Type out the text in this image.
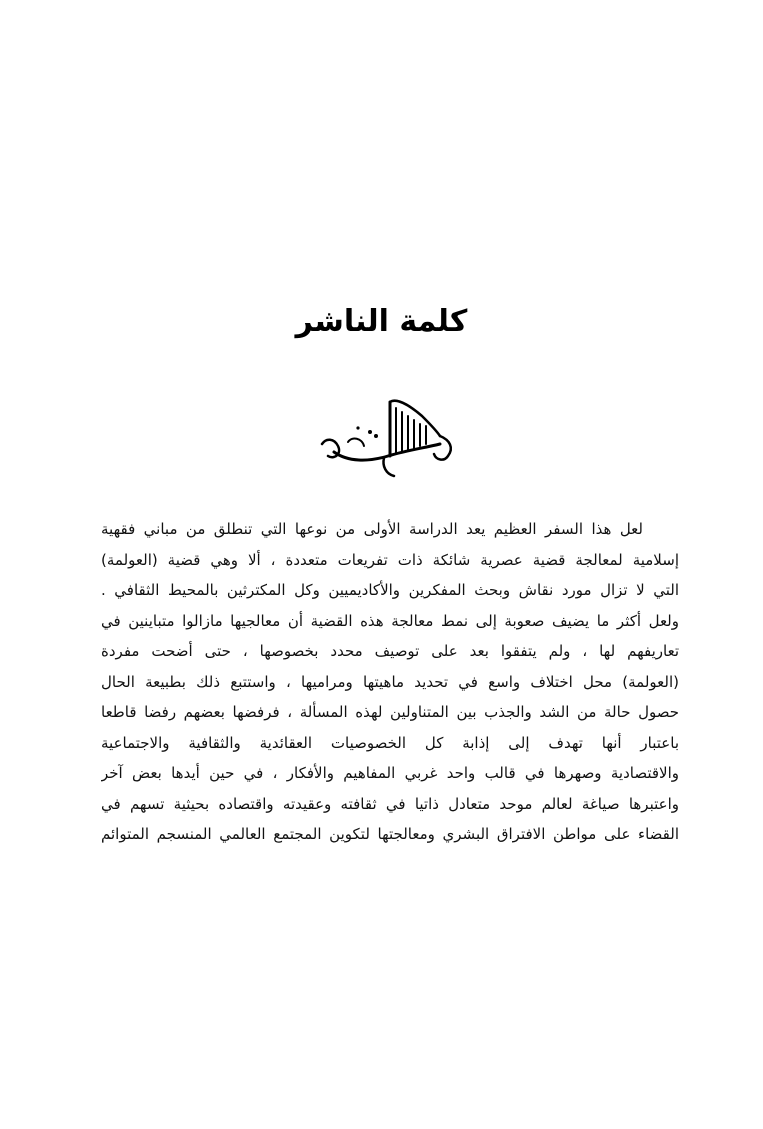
كلمة الناشر
لعل هذا السفر العظيم يعد الدراسة الأولى من نوعها التي تنطلق من مباني فقهية
إسلامية لمعالجة قضية عصرية شائكة ذات تفريعات متعددة ، ألا وهي قضية (العولمة)
التي لا تزال مورد نقاش وبحث المفكرين والأكاديميين وكل المكترثين بالمحيط الثقافي .
ولعل أكثر ما يضيف صعوبة إلى نمط معالجة هذه القضية أن معالجيها مازالوا متباينين في
تعاريفهم لها ، ولم يتفقوا بعد على توصيف محدد بخصوصها ، حتى أضحت مفردة
(العولمة) محل اختلاف واسع في تحديد ماهيتها ومراميها ، واستتبع ذلك بطبيعة الحال
حصول حالة من الشد والجذب بين المتناولين لهذه المسألة ، فرفضها بعضهم رفضا قاطعا
باعتبار أنها تهدف إلى إذابة كل الخصوصيات العقائدية والثقافية والاجتماعية
والاقتصادية وصهرها في قالب واحد غربي المفاهيم والأفكار ، في حين أيدها بعض آخر
واعتبرها صياغة لعالم موحد متعادل ذاتيا في ثقافته وعقيدته واقتصاده بحيثية تسهم في
القضاء على مواطن الافتراق البشري ومعالجتها لتكوين المجتمع العالمي المنسجم المتوائم
